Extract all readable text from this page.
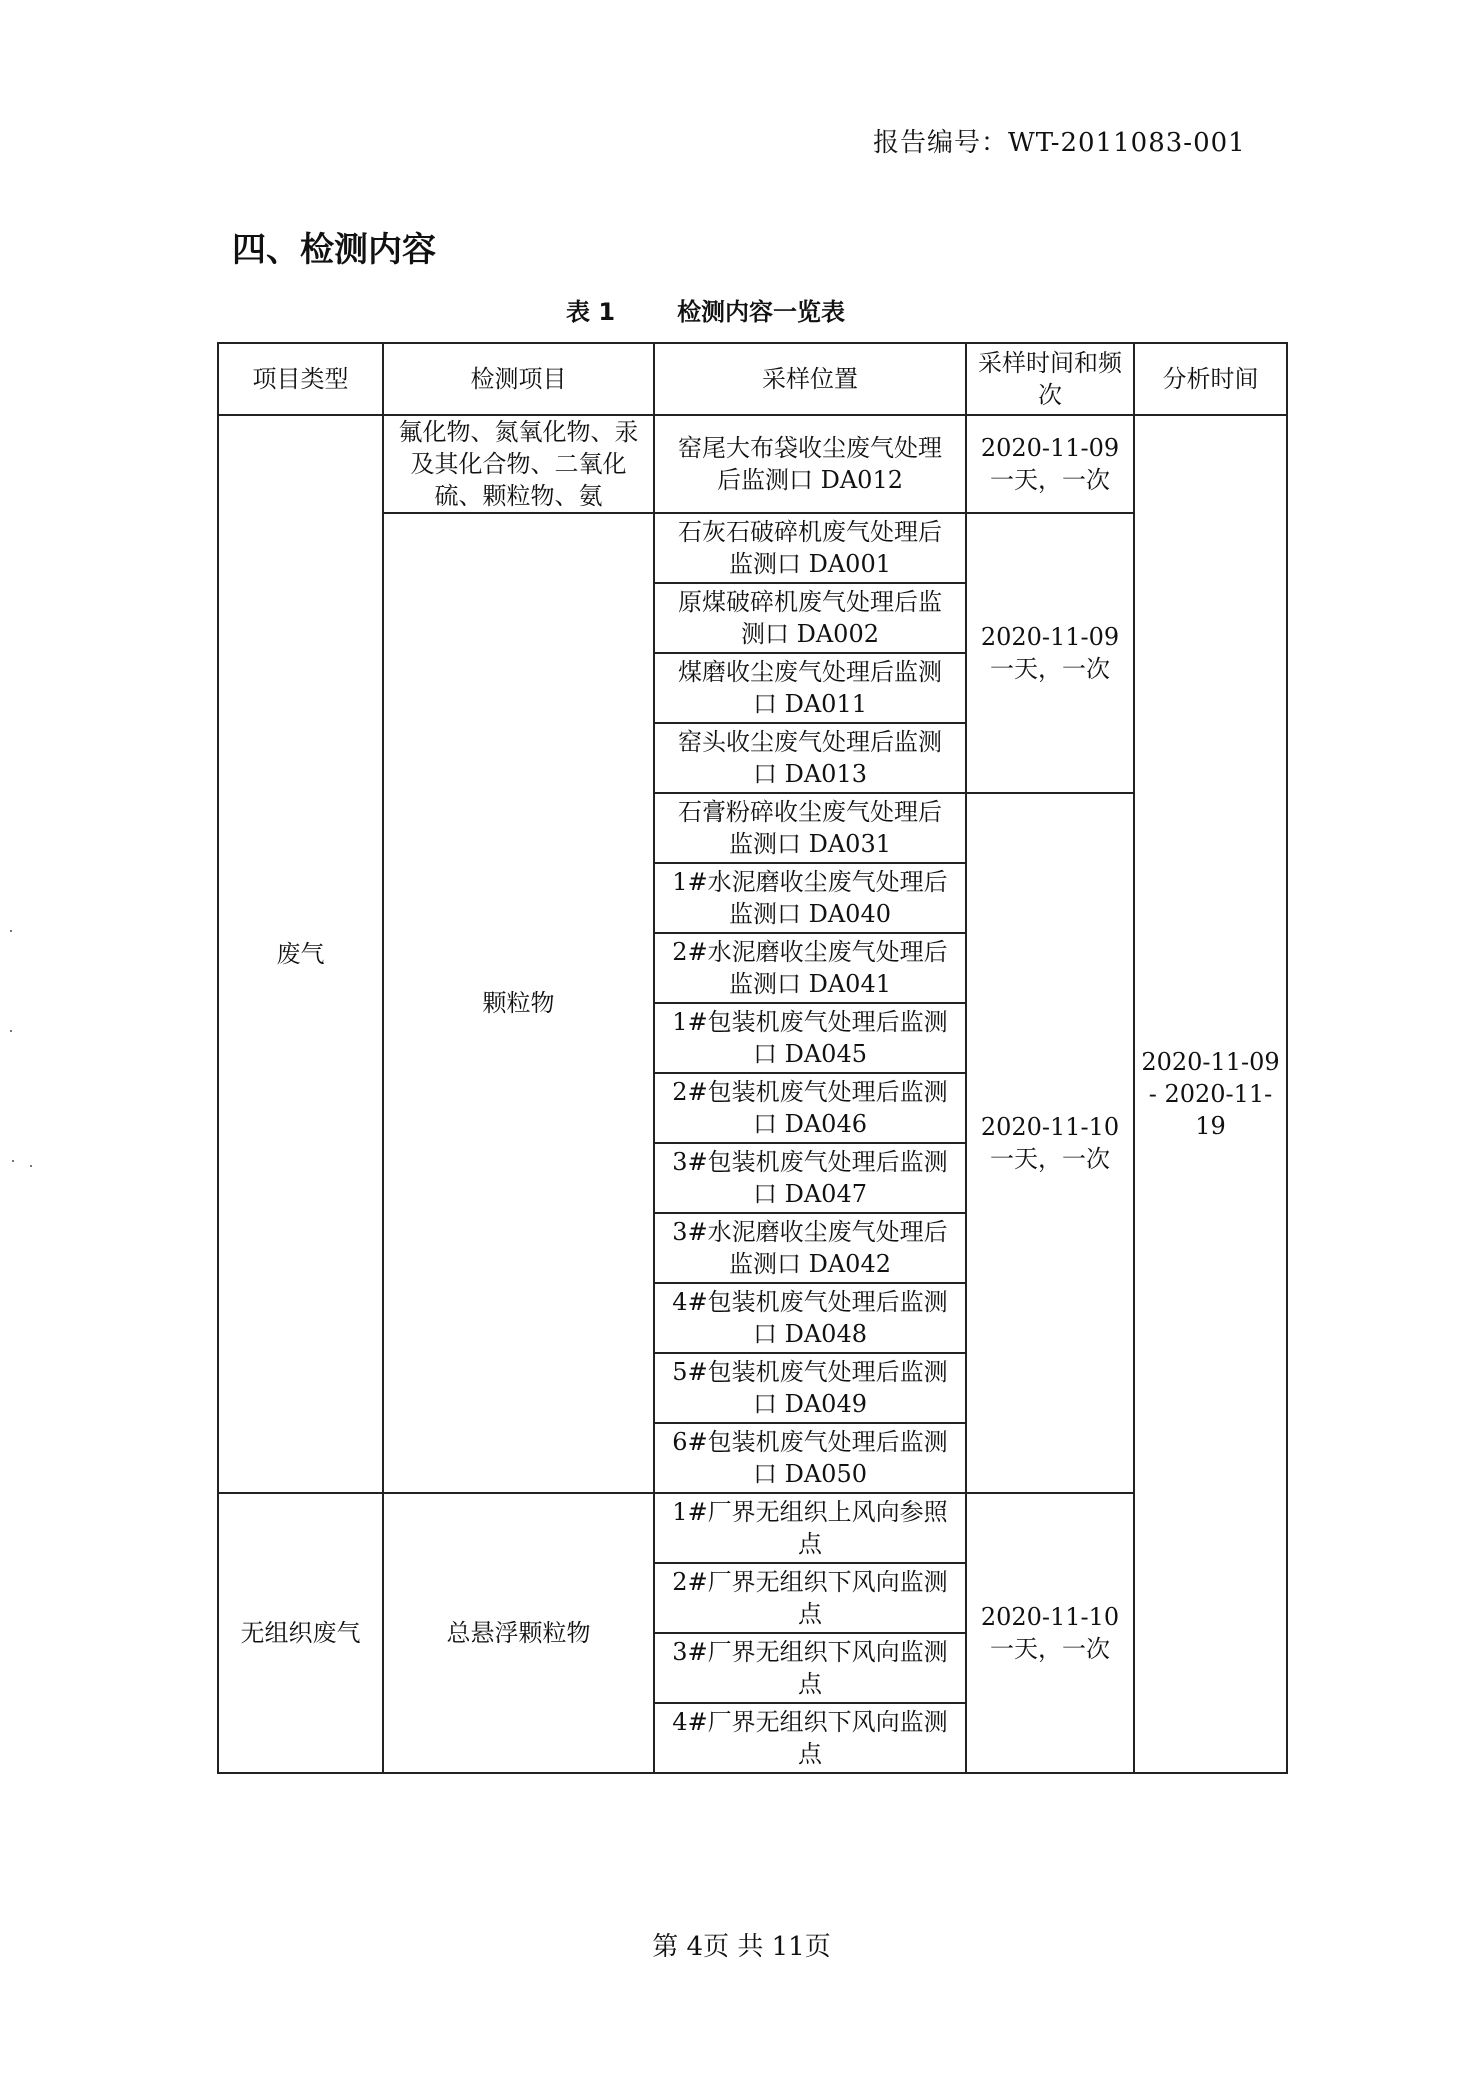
报告编号：WT-2011083-001
四、检测内容
表 1	检测内容一览表
项目类型	检测项目	采样位置	采样时间和频次	分析时间
废气	氟化物、氮氧化物、汞及其化合物、二氧化硫、颗粒物、氨	窑尾大布袋收尘废气处理后监测口 DA012	2020-11-09 一天，一次	2020-11-09 - 2020-11-19
	颗粒物	石灰石破碎机废气处理后监测口 DA001	2020-11-09 一天，一次	
		原煤破碎机废气处理后监测口 DA002		
		煤磨收尘废气处理后监测口 DA011		
		窑头收尘废气处理后监测口 DA013		
		石膏粉碎收尘废气处理后监测口 DA031	2020-11-10 一天，一次	
		1#水泥磨收尘废气处理后监测口 DA040		
		2#水泥磨收尘废气处理后监测口 DA041		
		1#包装机废气处理后监测口 DA045		
		2#包装机废气处理后监测口 DA046		
		3#包装机废气处理后监测口 DA047		
		3#水泥磨收尘废气处理后监测口 DA042		
		4#包装机废气处理后监测口 DA048		
		5#包装机废气处理后监测口 DA049		
		6#包装机废气处理后监测口 DA050		
无组织废气	总悬浮颗粒物	1#厂界无组织上风向参照点	2020-11-10 一天，一次	
		2#厂界无组织下风向监测点		
		3#厂界无组织下风向监测点		
		4#厂界无组织下风向监测点		
第 4页 共 11页
